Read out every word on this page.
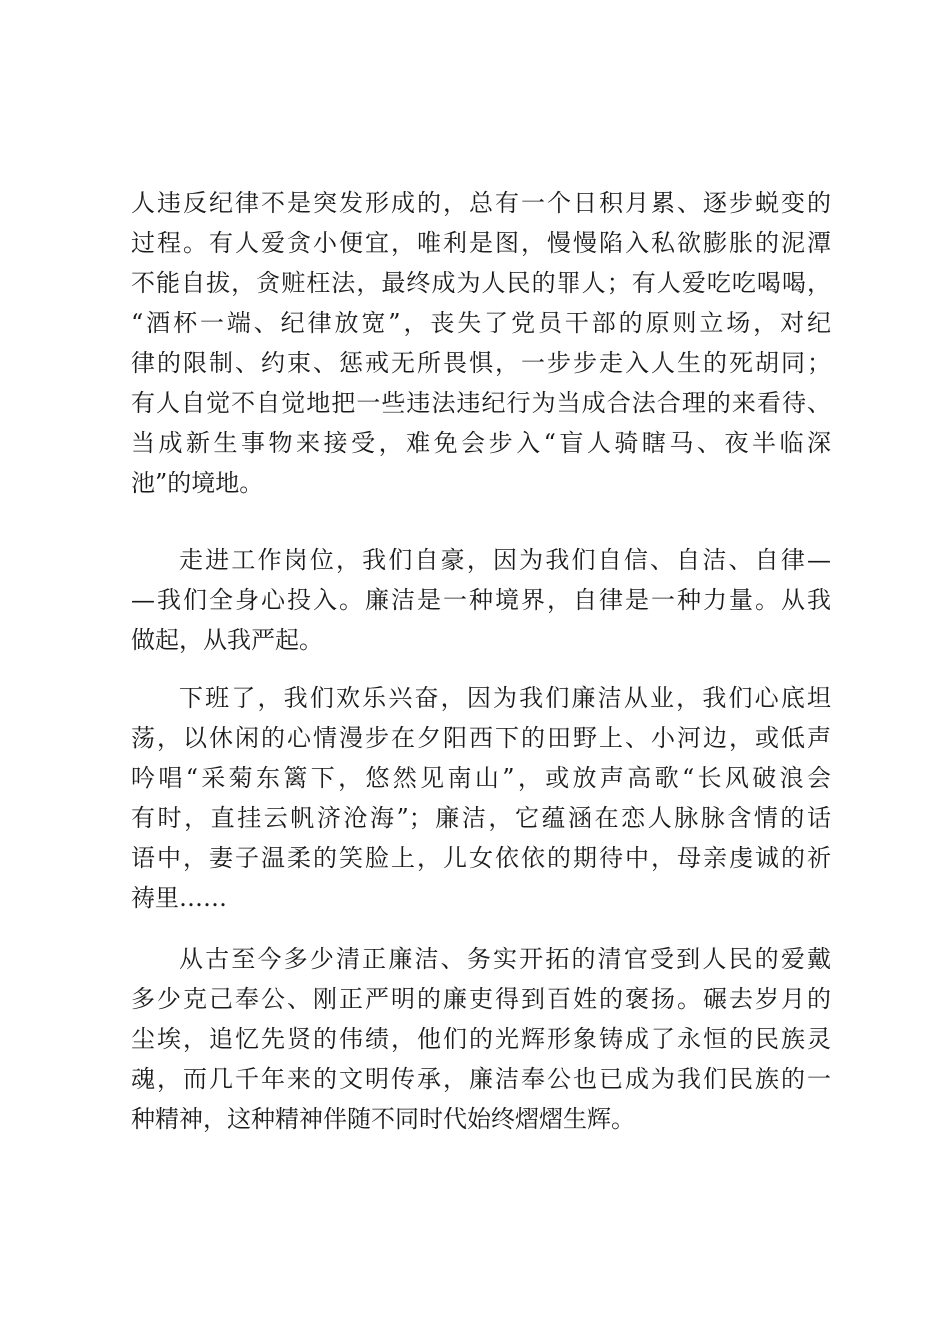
人违反纪律不是突发形成的，总有一个日积月累、逐步蜕变的
过程。有人爱贪小便宜，唯利是图，慢慢陷入私欲膨胀的泥潭
不能自拔，贪赃枉法，最终成为人民的罪人；有人爱吃吃喝喝，
“酒杯一端、纪律放宽”，丧失了党员干部的原则立场，对纪
律的限制、约束、惩戒无所畏惧，一步步走入人生的死胡同；
有人自觉不自觉地把一些违法违纪行为当成合法合理的来看待、
当成新生事物来接受，难免会步入“盲人骑瞎马、夜半临深
池”的境地。
走进工作岗位，我们自豪，因为我们自信、自洁、自律—
—我们全身心投入。廉洁是一种境界，自律是一种力量。从我
做起，从我严起。
下班了，我们欢乐兴奋，因为我们廉洁从业，我们心底坦
荡，以休闲的心情漫步在夕阳西下的田野上、小河边，或低声
吟唱“采菊东篱下，悠然见南山”，或放声高歌“长风破浪会
有时，直挂云帆济沧海”；廉洁，它蕴涵在恋人脉脉含情的话
语中，妻子温柔的笑脸上，儿女依依的期待中，母亲虔诚的祈
祷里……
从古至今多少清正廉洁、务实开拓的清官受到人民的爱戴
多少克己奉公、刚正严明的廉吏得到百姓的褒扬。碾去岁月的
尘埃，追忆先贤的伟绩，他们的光辉形象铸成了永恒的民族灵
魂，而几千年来的文明传承，廉洁奉公也已成为我们民族的一
种精神，这种精神伴随不同时代始终熠熠生辉。
